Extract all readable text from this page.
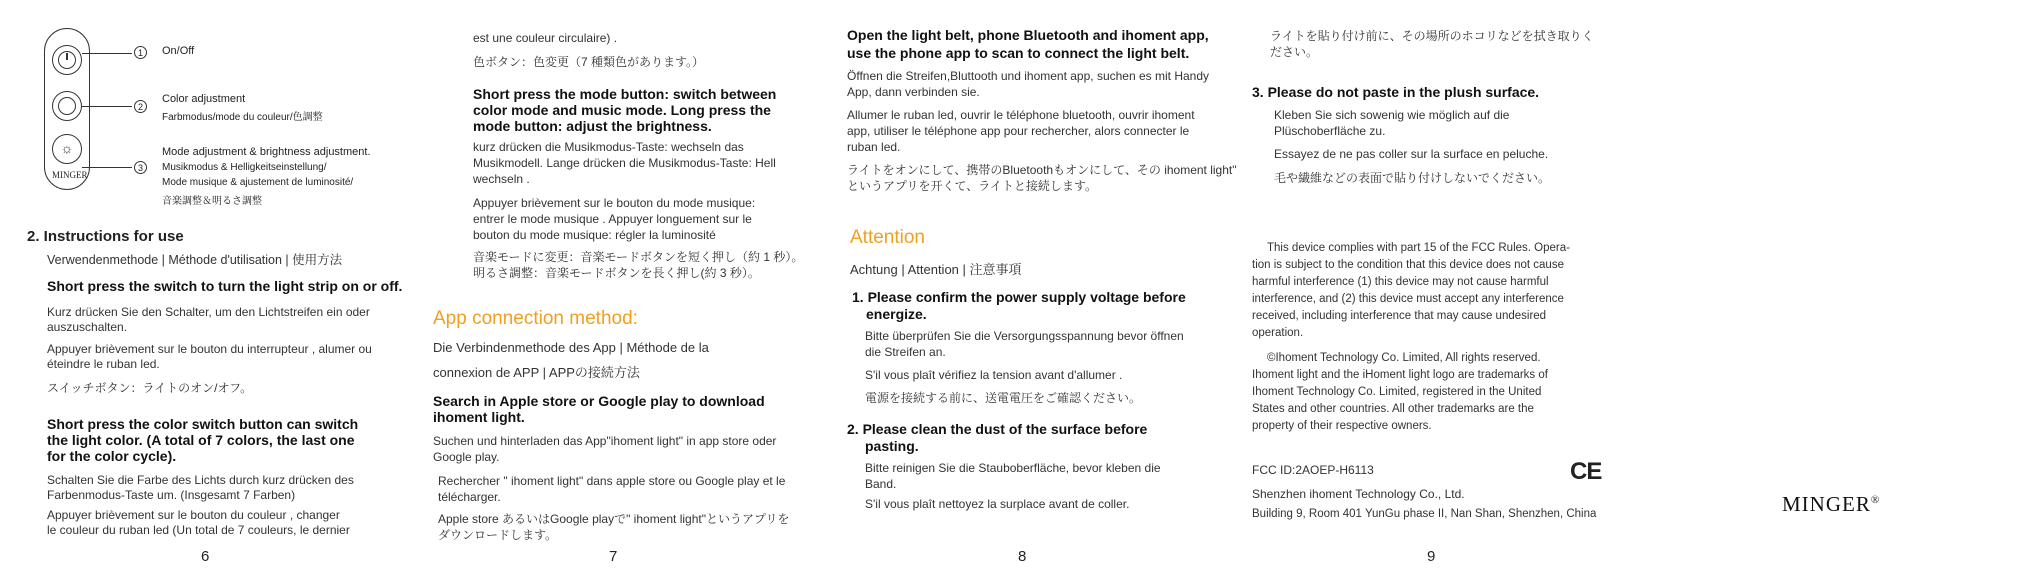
☼
MINGER
1
2
3
On/Off
Color adjustment
Farbmodus/mode du couleur/色調整
Mode adjustment & brightness adjustment.
Musikmodus & Helligkeitseinstellung/
Mode musique & ajustement de luminosité/
音楽調整＆明るさ調整
2. Instructions for use
Verwendenmethode | Méthode d'utilisation | 使用方法
Short press the switch to turn the light strip on or off.
Kurz drücken Sie den Schalter, um den Lichtstreifen ein oder
auszuschalten.
Appuyer brièvement sur le bouton du interrupteur , alumer ou
éteindre le ruban led.
スイッチボタン：ライトのオン/オフ。
Short press the color switch button can switch
the light color. (A total of 7 colors, the last one
for the color cycle).
Schalten Sie die Farbe des Lichts durch kurz drücken des
Farbenmodus-Taste um. (Insgesamt 7 Farben)
Appuyer brièvement sur le bouton du couleur , changer
le couleur du ruban led (Un total de 7 couleurs, le dernier
6
est une couleur circulaire) .
色ボタン：色変更（7 種類色があります。）
Short press the mode button: switch between
color mode and music mode. Long press the
mode button: adjust the brightness.
kurz drücken die Musikmodus-Taste: wechseln das
Musikmodell. Lange drücken die Musikmodus-Taste: Hell
wechseln .
Appuyer brièvement sur le bouton du mode musique:
entrer le mode musique . Appuyer longuement sur le
bouton du mode musique: régler la luminosité
音楽モードに変更：音楽モードボタンを短く押し（約 1 秒）。
明るさ調整：音楽モードボタンを長く押し(約 3 秒）。
App connection method:
Die Verbindenmethode des App | Méthode de la
connexion de APP | APPの接続方法
Search in Apple store or Google play to download
ihoment light.
Suchen und hinterladen das App"ihoment light" in app store oder
Google play.
Rechercher " ihoment light" dans apple store ou Google play et le
télécharger.
Apple store あるいはGoogle playで" ihoment light"というアプリを
ダウンロードします。
7
Open the light belt, phone Bluetooth and ihoment app,
use the phone app to scan to connect the light belt.
Öffnen die Streifen,Bluttooth und ihoment app, suchen es mit Handy
App, dann verbinden sie.
Allumer le ruban led, ouvrir le téléphone bluetooth, ouvrir ihoment
app, utiliser le téléphone app pour rechercher, alors connecter le
ruban led.
ライトをオンにして、携帯のBluetoothもオンにして、その ihoment light"
というアプリを开くて、ライトと接続します。
Attention
Achtung | Attention | 注意事項
1. Please confirm the power supply voltage before
energize.
Bitte überprüfen Sie die Versorgungsspannung bevor öffnen
die Streifen an.
S'il vous plaît vérifiez la tension avant d'allumer .
電源を接続する前に、送電電圧をご確認ください。
2. Please clean the dust of the surface before
pasting.
Bitte reinigen Sie die Stauboberfläche, bevor kleben die
Band.
S'il vous plaît nettoyez la surplace avant de coller.
8
ライトを貼り付け前に、その場所のホコリなどを拭き取りく
ださい。
3. Please do not paste in the plush surface.
Kleben Sie sich sowenig wie möglich auf die
Plüschoberfläche zu.
Essayez de ne pas coller sur la surface en peluche.
毛や繊維などの表面で貼り付けしないでください。
This device complies with part 15 of the FCC Rules. Opera-
tion is subject to the condition that this device does not cause
harmful interference (1) this device may not cause harmful
interference, and (2) this device must accept any interference
received, including interference that may cause undesired
operation.
©Ihoment Technology Co. Limited, All rights reserved.
Ihoment light and the iHoment light logo are trademarks of
Ihoment Technology Co. Limited, registered in the United
States and other countries. All other trademarks are the
property of their respective owners.
FCC ID:2AOEP-H6113	CE
Shenzhen ihoment Technology Co., Ltd.
Building 9, Room 401 YunGu phase II, Nan Shan, Shenzhen, China
9
MINGER®
